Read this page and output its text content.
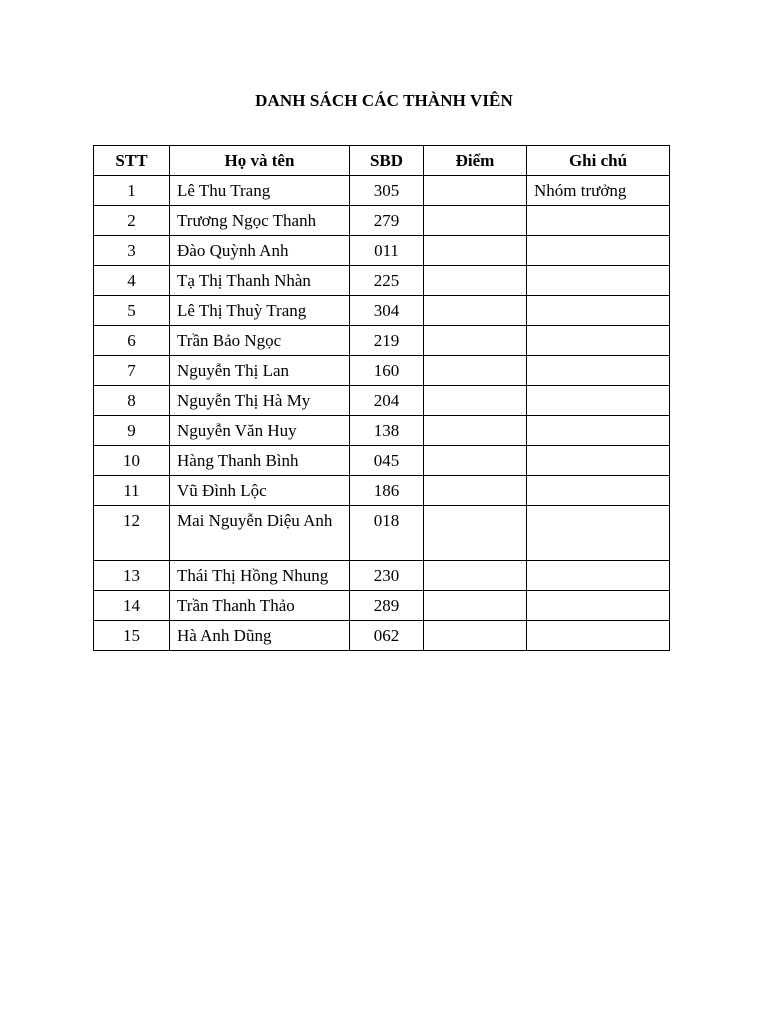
DANH SÁCH CÁC THÀNH VIÊN
STT	Họ và tên	SBD	Điểm	Ghi chú
1	Lê Thu Trang	305		Nhóm trưởng
2	Trương Ngọc Thanh	279		
3	Đào Quỳnh Anh	011		
4	Tạ Thị Thanh Nhàn	225		
5	Lê Thị Thuỳ Trang	304		
6	Trần Bảo Ngọc	219		
7	Nguyễn Thị Lan	160		
8	Nguyễn Thị Hà My	204		
9	Nguyễn Văn Huy	138		
10	Hàng Thanh Bình	045		
11	Vũ Đình Lộc	186		
12	Mai Nguyễn Diệu Anh	018		
13	Thái Thị Hồng Nhung	230		
14	Trần Thanh Thảo	289		
15	Hà Anh Dũng	062		
